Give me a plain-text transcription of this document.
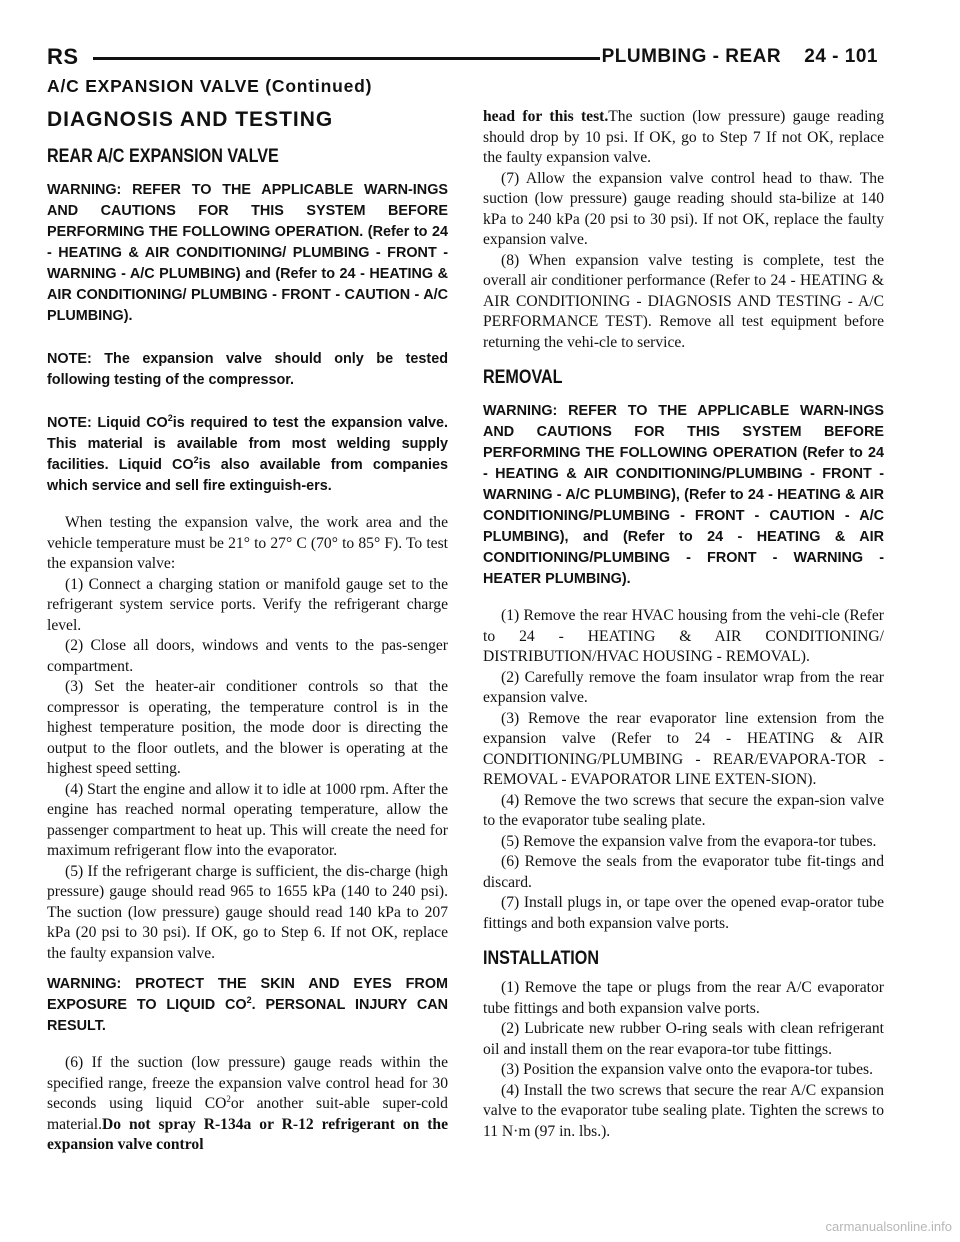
RS	PLUMBING - REAR 24 - 101
A/C EXPANSION VALVE (Continued)
DIAGNOSIS AND TESTING
REAR A/C EXPANSION VALVE
WARNING: REFER TO THE APPLICABLE WARN-INGS AND CAUTIONS FOR THIS SYSTEM BEFORE PERFORMING THE FOLLOWING OPERATION. (Refer to 24 - HEATING & AIR CONDITIONING/ PLUMBING - FRONT - WARNING - A/C PLUMBING) and (Refer to 24 - HEATING & AIR CONDITIONING/ PLUMBING - FRONT - CAUTION - A/C PLUMBING).
NOTE: The expansion valve should only be tested following testing of the compressor.
NOTE: Liquid $CO^2is$ required to test the expansion valve. This material is available from most welding supply facilities. Liquid $CO^2is$ also available from companies which service and sell fire extinguish-ers.

When testing the expansion valve, the work area and the vehicle temperature must be 21° to 27° C (70° to 85° F). To test the expansion valve:

(1) Connect a charging station or manifold gauge set to the refrigerant system service ports. Verify the refrigerant charge level.

(2) Close all doors, windows and vents to the pas-senger compartment.

(3) Set the heater-air conditioner controls so that the compressor is operating, the temperature control is in the highest temperature position, the mode door is directing the output to the floor outlets, and the blower is operating at the highest speed setting.

(4) Start the engine and allow it to idle at 1000 rpm. After the engine has reached normal operating temperature, allow the passenger compartment to heat up. This will create the need for maximum refrigerant flow into the evaporator.

(5) If the refrigerant charge is sufficient, the dis-charge (high pressure) gauge should read 965 to 1655 kPa (140 to 240 psi). The suction (low pressure) gauge should read 140 kPa to 207 kPa (20 psi to 30 psi). If OK, go to Step 6. If not OK, replace the faulty expansion valve.

WARNING: PROTECT THE SKIN AND EYES FROM EXPOSURE TO LIQUID $CO^2$. PERSONAL INJURY CAN RESULT.

(6) If the suction (low pressure) gauge reads within the specified range, freeze the expansion valve control head for 30 seconds using liquid $CO^2or$ another suit-able super-cold material.Do not spray R-134a or R-12 refrigerant on the expansion valve control

head for this test.The suction (low pressure) gauge reading should drop by 10 psi. If OK, go to Step 7 If not OK, replace the faulty expansion valve.

(7) Allow the expansion valve control head to thaw. The suction (low pressure) gauge reading should sta-bilize at 140 kPa to 240 kPa (20 psi to 30 psi). If not OK, replace the faulty expansion valve.

(8) When expansion valve testing is complete, test the overall air conditioner performance (Refer to 24 - HEATING & AIR CONDITIONING - DIAGNOSIS AND TESTING - A/C PERFORMANCE TEST). Remove all test equipment before returning the vehi-cle to service.

REMOVAL
WARNING: REFER TO THE APPLICABLE WARN-INGS AND CAUTIONS FOR THIS SYSTEM BEFORE PERFORMING THE FOLLOWING OPERATION (Refer to 24 - HEATING & AIR CONDITIONING/PLUMBING - FRONT - WARNING - A/C PLUMBING), (Refer to 24 - HEATING & AIR CONDITIONING/PLUMBING - FRONT - CAUTION - A/C PLUMBING), and (Refer to 24 - HEATING & AIR CONDITIONING/PLUMBING - FRONT - WARNING - HEATER PLUMBING).

(1) Remove the rear HVAC housing from the vehi-cle (Refer to 24 - HEATING & AIR CONDITIONING/ DISTRIBUTION/HVAC HOUSING - REMOVAL).

(2) Carefully remove the foam insulator wrap from the rear expansion valve.

(3) Remove the rear evaporator line extension from the expansion valve (Refer to 24 - HEATING & AIR CONDITIONING/PLUMBING - REAR/EVAPORA-TOR - REMOVAL - EVAPORATOR LINE EXTEN-SION).

(4) Remove the two screws that secure the expan-sion valve to the evaporator tube sealing plate.

(5) Remove the expansion valve from the evapora-tor tubes.

(6) Remove the seals from the evaporator tube fit-tings and discard.

(7) Install plugs in, or tape over the opened evap-orator tube fittings and both expansion valve ports.

INSTALLATION

(1) Remove the tape or plugs from the rear A/C evaporator tube fittings and both expansion valve ports.

(2) Lubricate new rubber O-ring seals with clean refrigerant oil and install them on the rear evapora-tor tube fittings.

(3) Position the expansion valve onto the evapora-tor tubes.

(4) Install the two screws that secure the rear A/C expansion valve to the evaporator tube sealing plate. Tighten the screws to 11 N·m (97 in. lbs.).

carmanualsonline.info
